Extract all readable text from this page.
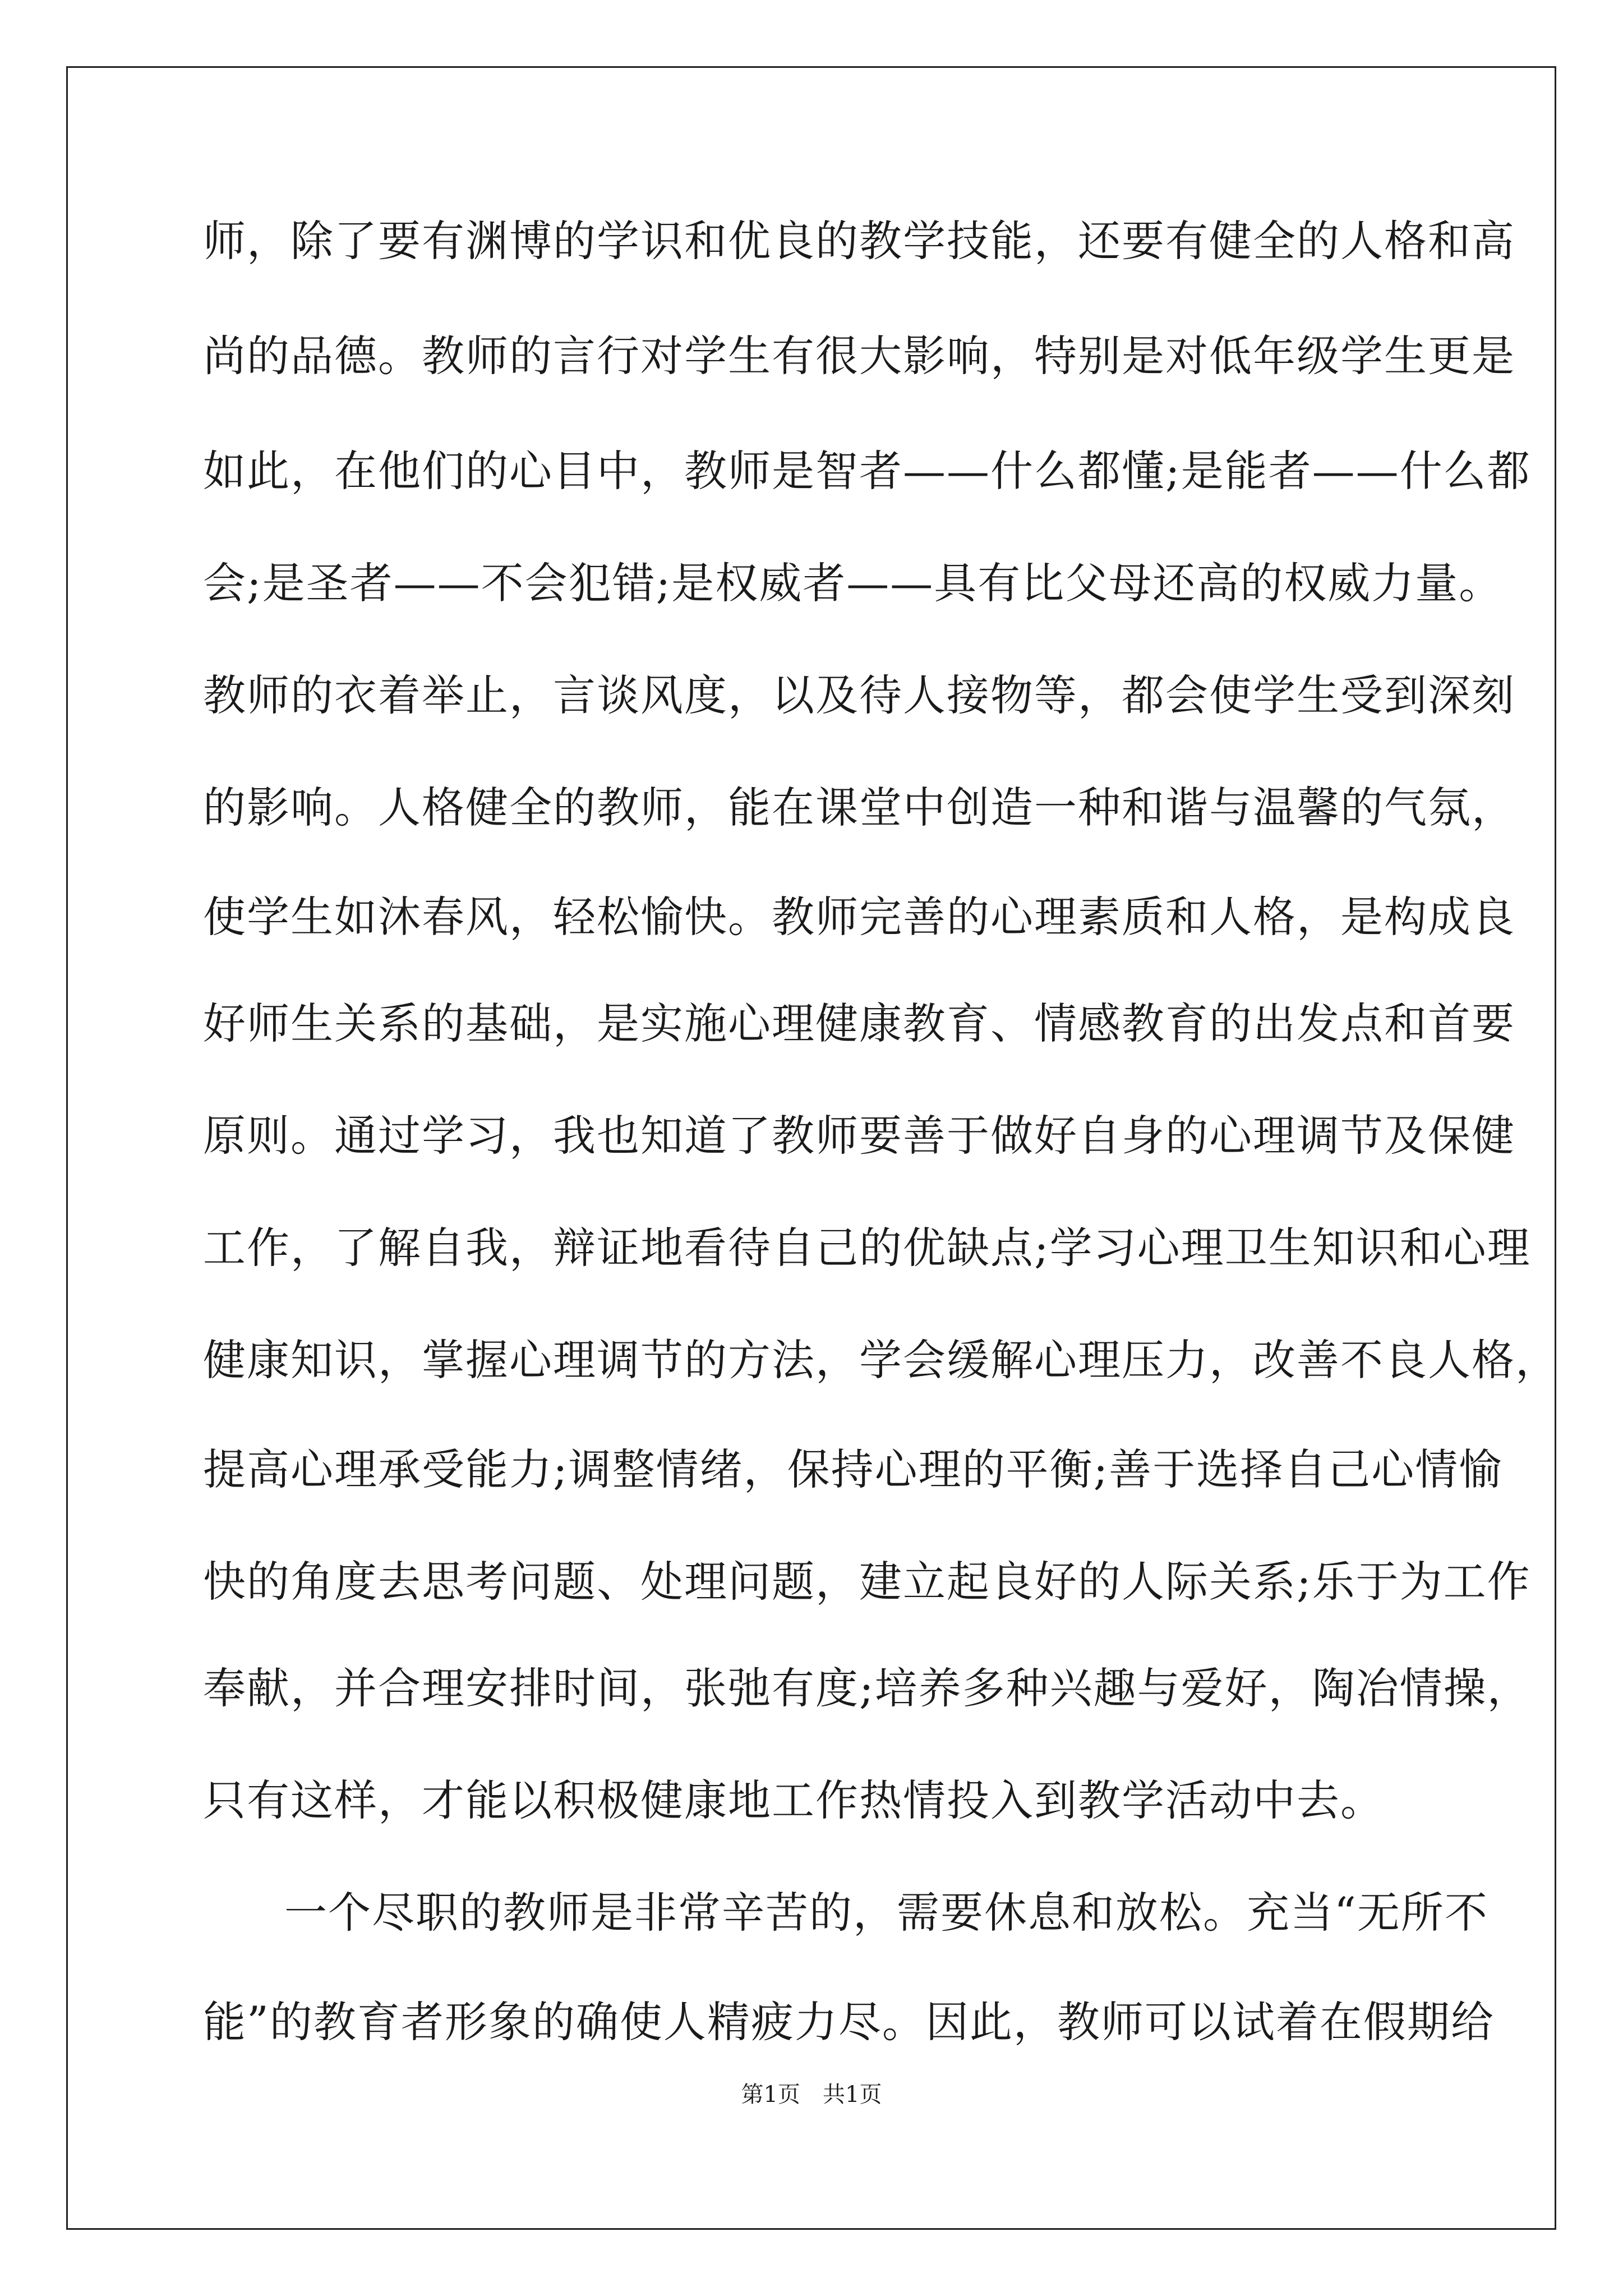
师，除了要有渊博的学识和优良的教学技能，还要有健全的人格和高
尚的品德。教师的言行对学生有很大影响，特别是对低年级学生更是
如此，在他们的心目中，教师是智者——什么都懂;是能者——什么都
会;是圣者——不会犯错;是权威者——具有比父母还高的权威力量。
教师的衣着举止，言谈风度，以及待人接物等，都会使学生受到深刻
的影响。人格健全的教师，能在课堂中创造一种和谐与温馨的气氛，
使学生如沐春风，轻松愉快。教师完善的心理素质和人格，是构成良
好师生关系的基础，是实施心理健康教育、情感教育的出发点和首要
原则。通过学习，我也知道了教师要善于做好自身的心理调节及保健
工作，了解自我，辩证地看待自己的优缺点;学习心理卫生知识和心理
健康知识，掌握心理调节的方法，学会缓解心理压力，改善不良人格，
提高心理承受能力;调整情绪，保持心理的平衡;善于选择自己心情愉
快的角度去思考问题、处理问题，建立起良好的人际关系;乐于为工作
奉献，并合理安排时间，张弛有度;培养多种兴趣与爱好，陶冶情操，
只有这样，才能以积极健康地工作热情投入到教学活动中去。
一个尽职的教师是非常辛苦的，需要休息和放松。充当“无所不
能”的教育者形象的确使人精疲力尽。因此，教师可以试着在假期给
第1页　共1页
